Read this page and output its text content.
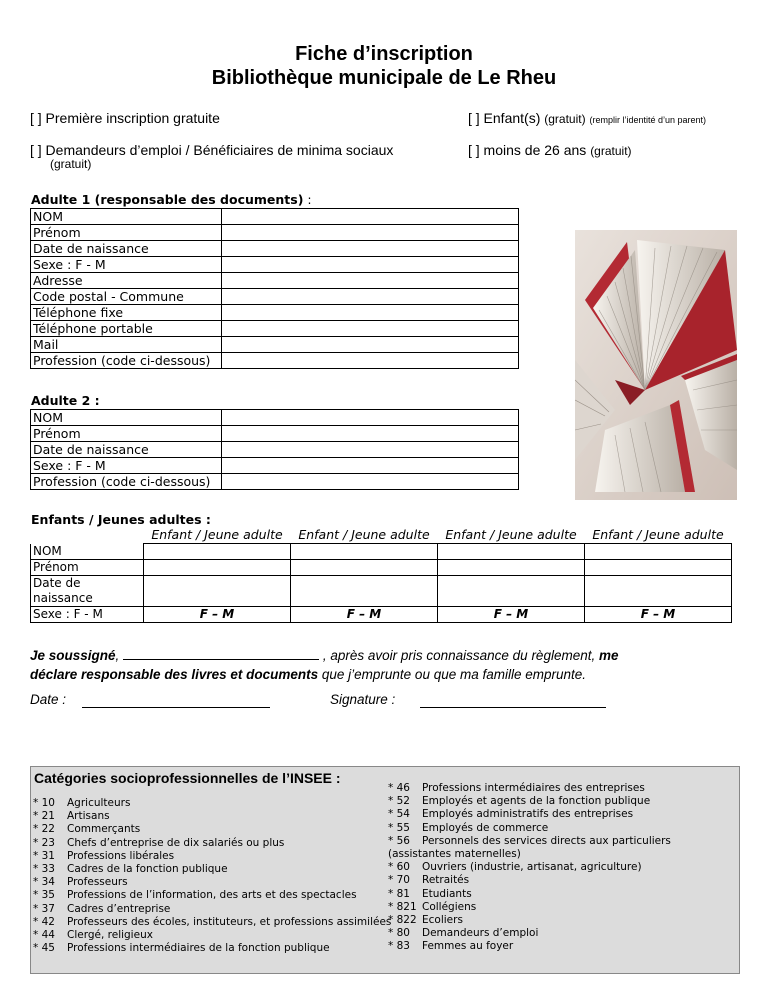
Fiche d’inscription
Bibliothèque municipale de Le Rheu
[ ] Première inscription gratuite	[ ] Enfant(s) (gratuit) (remplir l’identité d’un parent)
[ ] Demandeurs d’emploi / Bénéficiaires de minima sociaux
(gratuit)
[ ] moins de 26 ans (gratuit)
Adulte 1 (responsable des documents) :
NOM	
Prénom	
Date de naissance	
Sexe : F - M	
Adresse	
Code postal - Commune	
Téléphone fixe	
Téléphone portable	
Mail	
Profession (code ci-dessous)	
Adulte 2 :
NOM	
Prénom	
Date de naissance	
Sexe : F - M	
Profession (code ci-dessous)	
Enfants / Jeunes adultes :
	Enfant / Jeune adulte	Enfant / Jeune adulte	Enfant / Jeune adulte	Enfant / Jeune adulte
NOM				
Prénom				
Date de naissance				
Sexe : F - M	F – M	F – M	F – M	F – M
Je soussigné,	, après avoir pris connaissance du règlement, me
déclare responsable des livres et documents que j’emprunte ou que ma famille emprunte.
Date :	Signature :
Catégories socioprofessionnelles de l’INSEE :
* 10 Agriculteurs
* 21 Artisans
* 22 Commerçants
* 23 Chefs d’entreprise de dix salariés ou plus
* 31 Professions libérales
* 33 Cadres de la fonction publique
* 34 Professeurs
* 35 Professions de l’information, des arts et des spectacles
* 37 Cadres d’entreprise
* 42 Professeurs des écoles, instituteurs, et professions assimilées
* 44 Clergé, religieux
* 45 Professions intermédiaires de la fonction publique
* 46 Professions intermédiaires des entreprises
* 52 Employés et agents de la fonction publique
* 54 Employés administratifs des entreprises
* 55 Employés de commerce
* 56 Personnels des services directs aux particuliers (assistantes maternelles)
* 60 Ouvriers (industrie, artisanat, agriculture)
* 70 Retraités
* 81 Etudiants
* 821 Collégiens
* 822 Ecoliers
* 80 Demandeurs d’emploi
* 83 Femmes au foyer
